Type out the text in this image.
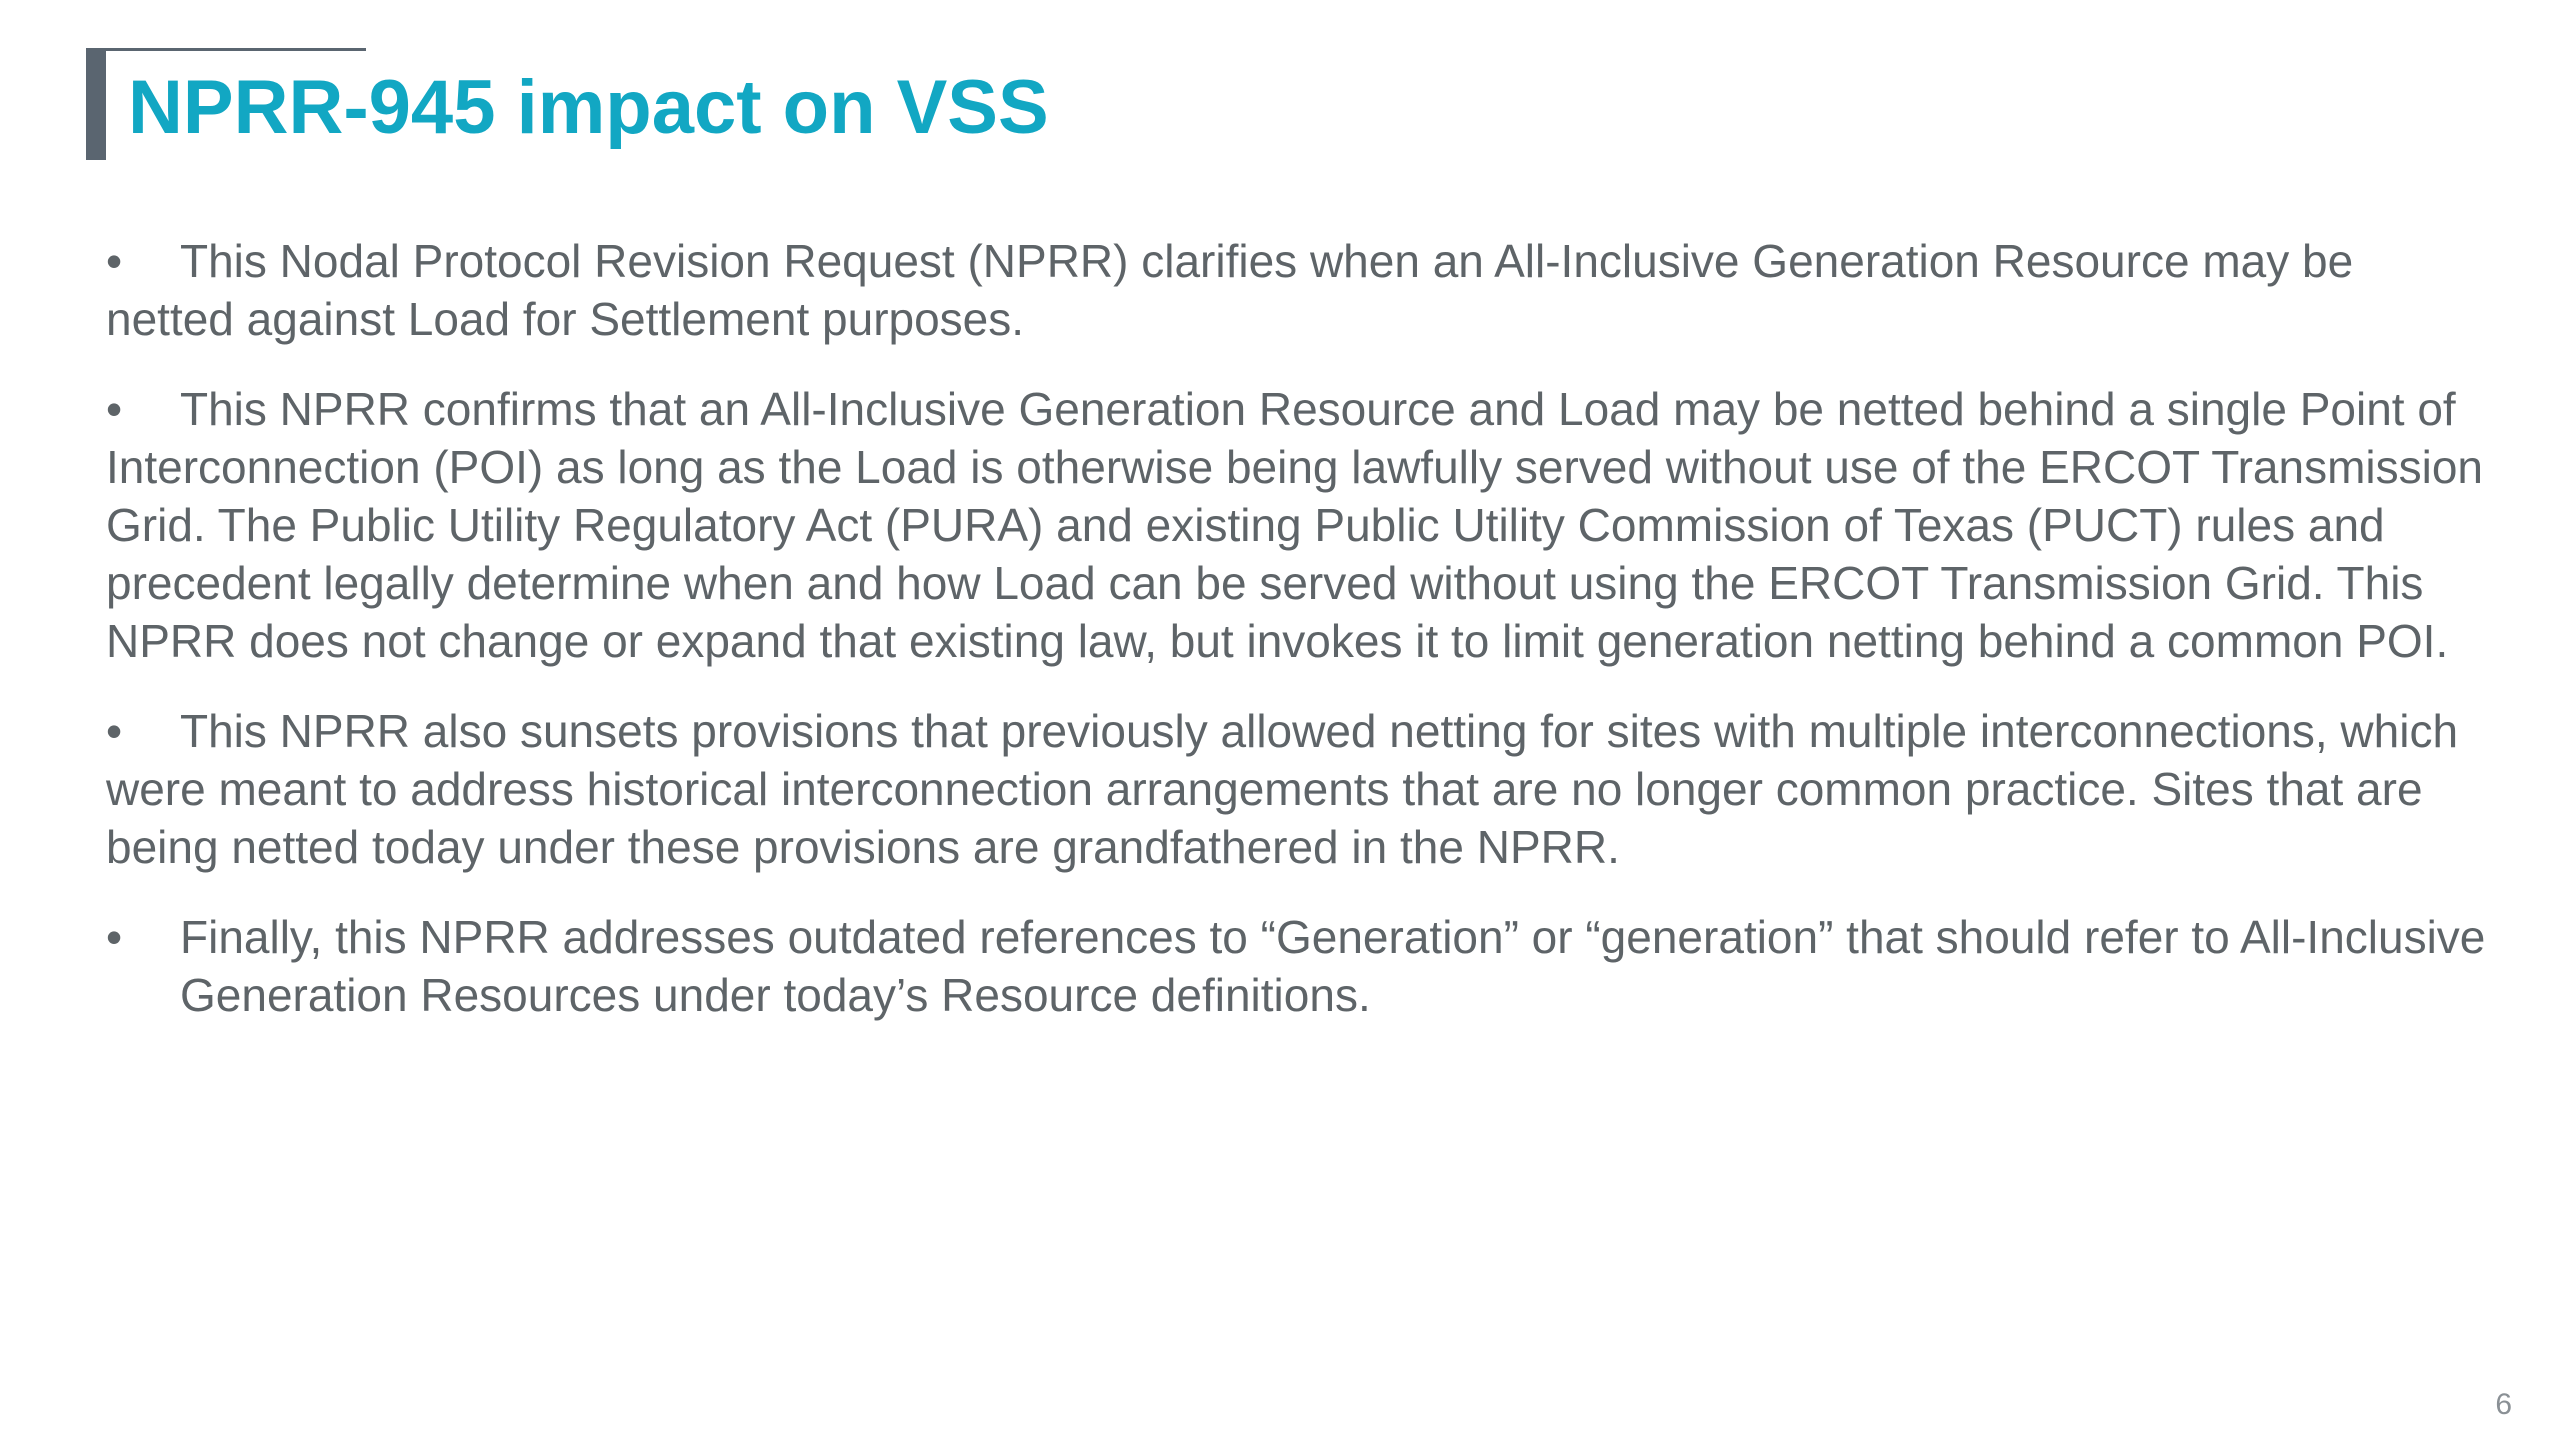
NPRR-945 impact on VSS

• This Nodal Protocol Revision Request (NPRR) clarifies when an All-Inclusive Generation Resource may be netted against Load for Settlement purposes.

• This NPRR confirms that an All-Inclusive Generation Resource and Load may be netted behind a single Point of Interconnection (POI) as long as the Load is otherwise being lawfully served without use of the ERCOT Transmission Grid. The Public Utility Regulatory Act (PURA) and existing Public Utility Commission of Texas (PUCT) rules and precedent legally determine when and how Load can be served without using the ERCOT Transmission Grid. This NPRR does not change or expand that existing law, but invokes it to limit generation netting behind a common POI.

• This NPRR also sunsets provisions that previously allowed netting for sites with multiple interconnections, which were meant to address historical interconnection arrangements that are no longer common practice. Sites that are being netted today under these provisions are grandfathered in the NPRR.

•	Finally, this NPRR addresses outdated references to “Generation” or “generation” that should refer to All-Inclusive Generation Resources under today’s Resource definitions.
6
